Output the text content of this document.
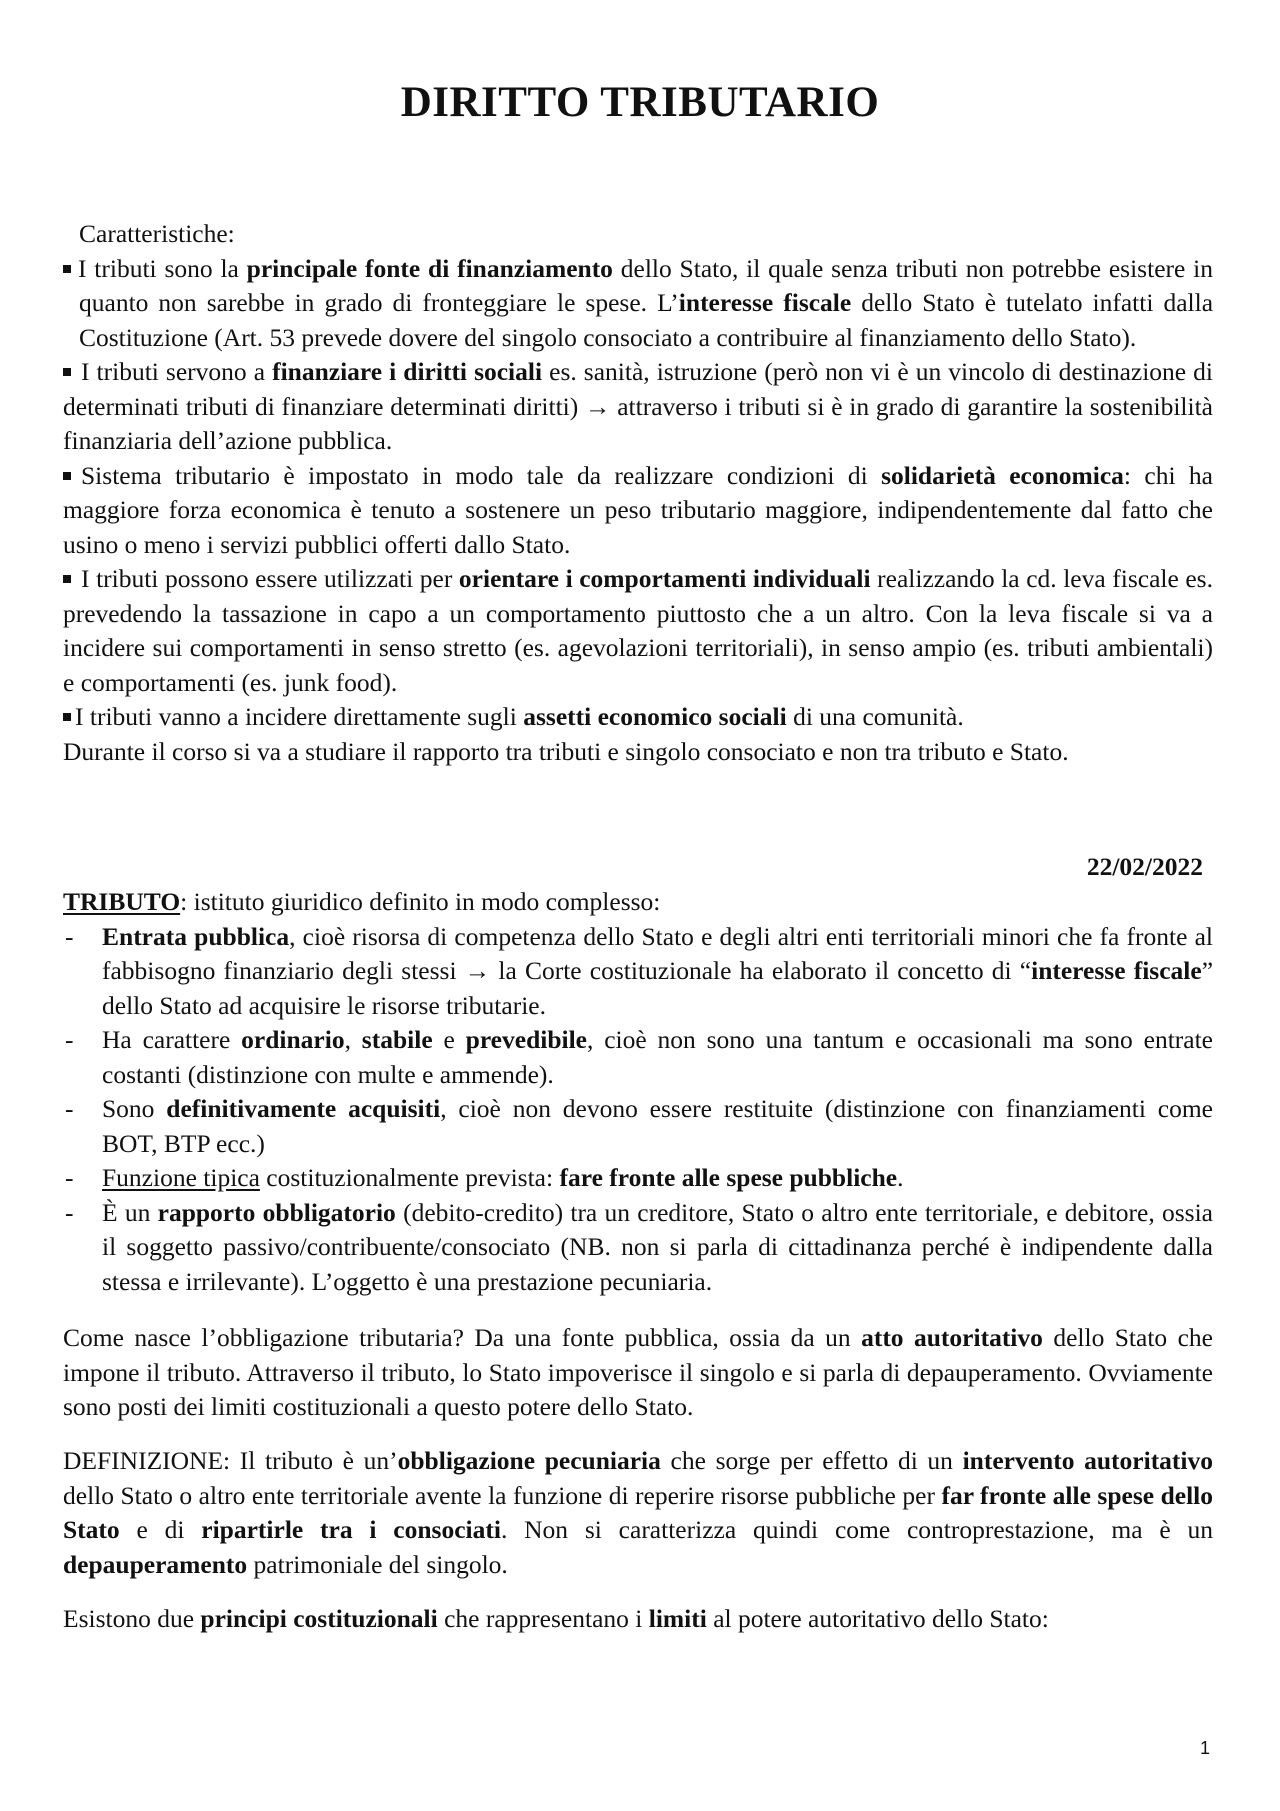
DIRITTO TRIBUTARIO

Caratteristiche:

I tributi sono la principale fonte di finanziamento dello Stato, il quale senza tributi non potrebbe esistere in quanto non sarebbe in grado di fronteggiare le spese. L’interesse fiscale dello Stato è tutelato infatti dalla Costituzione (Art. 53 prevede dovere del singolo consociato a contribuire al finanziamento dello Stato).

I tributi servono a finanziare i diritti sociali es. sanità, istruzione (però non vi è un vincolo di destinazione di determinati tributi di finanziare determinati diritti) → attraverso i tributi si è in grado di garantire la sostenibilità finanziaria dell’azione pubblica.

Sistema tributario è impostato in modo tale da realizzare condizioni di solidarietà economica: chi ha maggiore forza economica è tenuto a sostenere un peso tributario maggiore, indipendentemente dal fatto che usino o meno i servizi pubblici offerti dallo Stato.

I tributi possono essere utilizzati per orientare i comportamenti individuali realizzando la cd. leva fiscale es. prevedendo la tassazione in capo a un comportamento piuttosto che a un altro. Con la leva fiscale si va a incidere sui comportamenti in senso stretto (es. agevolazioni territoriali), in senso ampio (es. tributi ambientali) e comportamenti (es. junk food).

I tributi vanno a incidere direttamente sugli assetti economico sociali di una comunità.

Durante il corso si va a studiare il rapporto tra tributi e singolo consociato e non tra tributo e Stato.

22/02/2022

TRIBUTO: istituto giuridico definito in modo complesso:

- Entrata pubblica, cioè risorsa di competenza dello Stato e degli altri enti territoriali minori che fa fronte al fabbisogno finanziario degli stessi → la Corte costituzionale ha elaborato il concetto di “interesse fiscale” dello Stato ad acquisire le risorse tributarie.
- Ha carattere ordinario, stabile e prevedibile, cioè non sono una tantum e occasionali ma sono entrate costanti (distinzione con multe e ammende).
- Sono definitivamente acquisiti, cioè non devono essere restituite (distinzione con finanziamenti come BOT, BTP ecc.)
- Funzione tipica costituzionalmente prevista: fare fronte alle spese pubbliche.
- È un rapporto obbligatorio (debito-credito) tra un creditore, Stato o altro ente territoriale, e debitore, ossia il soggetto passivo/contribuente/consociato (NB. non si parla di cittadinanza perché è indipendente dalla stessa e irrilevante). L’oggetto è una prestazione pecuniaria.

Come nasce l’obbligazione tributaria? Da una fonte pubblica, ossia da un atto autoritativo dello Stato che impone il tributo. Attraverso il tributo, lo Stato impoverisce il singolo e si parla di depauperamento. Ovviamente sono posti dei limiti costituzionali a questo potere dello Stato.

DEFINIZIONE: Il tributo è un’obbligazione pecuniaria che sorge per effetto di un intervento autoritativo dello Stato o altro ente territoriale avente la funzione di reperire risorse pubbliche per far fronte alle spese dello Stato e di ripartirle tra i consociati. Non si caratterizza quindi come controprestazione, ma è un depauperamento patrimoniale del singolo.

Esistono due principi costituzionali che rappresentano i limiti al potere autoritativo dello Stato:

1
